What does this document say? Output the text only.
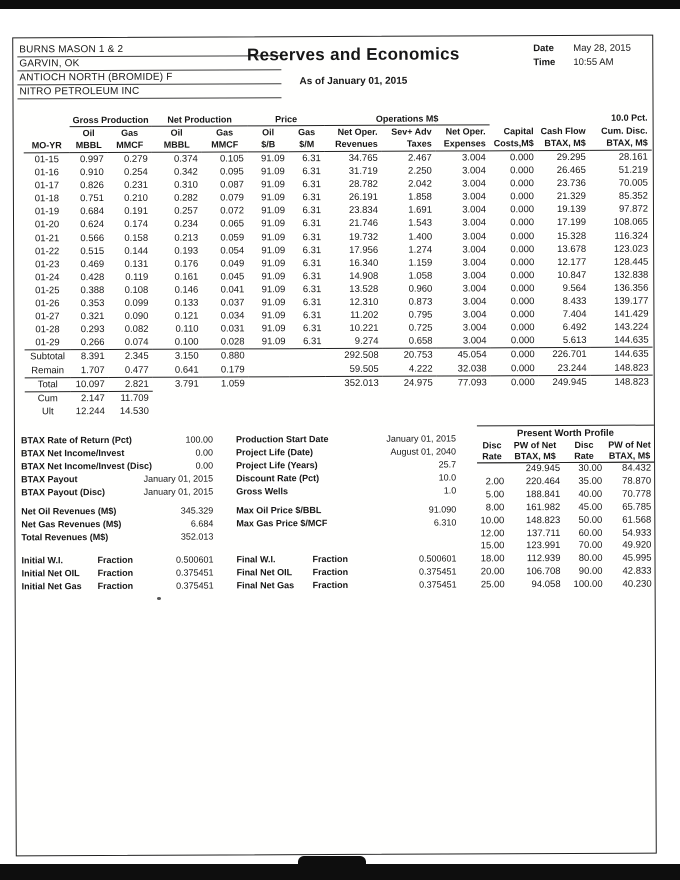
BURNS MASON 1 & 2
GARVIN, OK
ANTIOCH NORTH (BROMIDE) F
NITRO PETROLEUM INC
Reserves and Economics
As of January 01, 2015
Date	May 28, 2015
Time	10:55 AM
	Gross Production		Net Production		Price		Operations M$					10.0 Pct.
	Oil	Gas	Oil	Gas	Oil	Gas	Net Oper.	Sev+ Adv	Net Oper.	Capital	Cash Flow	Cum. Disc.
MO-YR	MBBL	MMCF	MBBL	MMCF	$/B	$/M	Revenues	Taxes	Expenses	Costs,M$	BTAX, M$	BTAX, M$
01-15	0.997	0.279	0.374	0.105	91.09	6.31	34.765	2.467	3.004	0.000	29.295	28.161
01-16	0.910	0.254	0.342	0.095	91.09	6.31	31.719	2.250	3.004	0.000	26.465	51.219
01-17	0.826	0.231	0.310	0.087	91.09	6.31	28.782	2.042	3.004	0.000	23.736	70.005
01-18	0.751	0.210	0.282	0.079	91.09	6.31	26.191	1.858	3.004	0.000	21.329	85.352
01-19	0.684	0.191	0.257	0.072	91.09	6.31	23.834	1.691	3.004	0.000	19.139	97.872
01-20	0.624	0.174	0.234	0.065	91.09	6.31	21.746	1.543	3.004	0.000	17.199	108.065
01-21	0.566	0.158	0.213	0.059	91.09	6.31	19.732	1.400	3.004	0.000	15.328	116.324
01-22	0.515	0.144	0.193	0.054	91.09	6.31	17.956	1.274	3.004	0.000	13.678	123.023
01-23	0.469	0.131	0.176	0.049	91.09	6.31	16.340	1.159	3.004	0.000	12.177	128.445
01-24	0.428	0.119	0.161	0.045	91.09	6.31	14.908	1.058	3.004	0.000	10.847	132.838
01-25	0.388	0.108	0.146	0.041	91.09	6.31	13.528	0.960	3.004	0.000	9.564	136.356
01-26	0.353	0.099	0.133	0.037	91.09	6.31	12.310	0.873	3.004	0.000	8.433	139.177
01-27	0.321	0.090	0.121	0.034	91.09	6.31	11.202	0.795	3.004	0.000	7.404	141.429
01-28	0.293	0.082	0.110	0.031	91.09	6.31	10.221	0.725	3.004	0.000	6.492	143.224
01-29	0.266	0.074	0.100	0.028	91.09	6.31	9.274	0.658	3.004	0.000	5.613	144.635
Subtotal	8.391	2.345	3.150	0.880			292.508	20.753	45.054	0.000	226.701	144.635
Remain	1.707	0.477	0.641	0.179			59.505	4.222	32.038	0.000	23.244	148.823
Total	10.097	2.821	3.791	1.059			352.013	24.975	77.093	0.000	249.945	148.823
Cum	2.147	11.709										
Ult	12.244	14.530										
BTAX Rate of Return (Pct)	100.00
BTAX Net Income/Invest	0.00
BTAX Net Income/Invest (Disc)	0.00
BTAX Payout	January 01, 2015
BTAX Payout (Disc)	January 01, 2015
Net Oil Revenues (M$)	345.329
Net Gas Revenues (M$)	6.684
Total Revenues (M$)	352.013
Initial W.I.	Fraction	0.500601
Initial Net OIL	Fraction	0.375451
Initial Net Gas	Fraction	0.375451
Production Start Date	January 01, 2015
Project Life (Date)	August 01, 2040
Project Life (Years)	25.7
Discount Rate (Pct)	10.0
Gross Wells	1.0
Max Oil Price $/BBL	91.090
Max Gas Price $/MCF	6.310
Final W.I.	Fraction	0.500601
Final Net OIL	Fraction	0.375451
Final Net Gas	Fraction	0.375451
Present Worth Profile
Disc	PW of Net	Disc	PW of Net
Rate	BTAX, M$	Rate	BTAX, M$
	249.945	30.00	84.432
2.00	220.464	35.00	78.870
5.00	188.841	40.00	70.778
8.00	161.982	45.00	65.785
10.00	148.823	50.00	61.568
12.00	137.711	60.00	54.933
15.00	123.991	70.00	49.920
18.00	112.939	80.00	45.995
20.00	106.708	90.00	42.833
25.00	94.058	100.00	40.230
